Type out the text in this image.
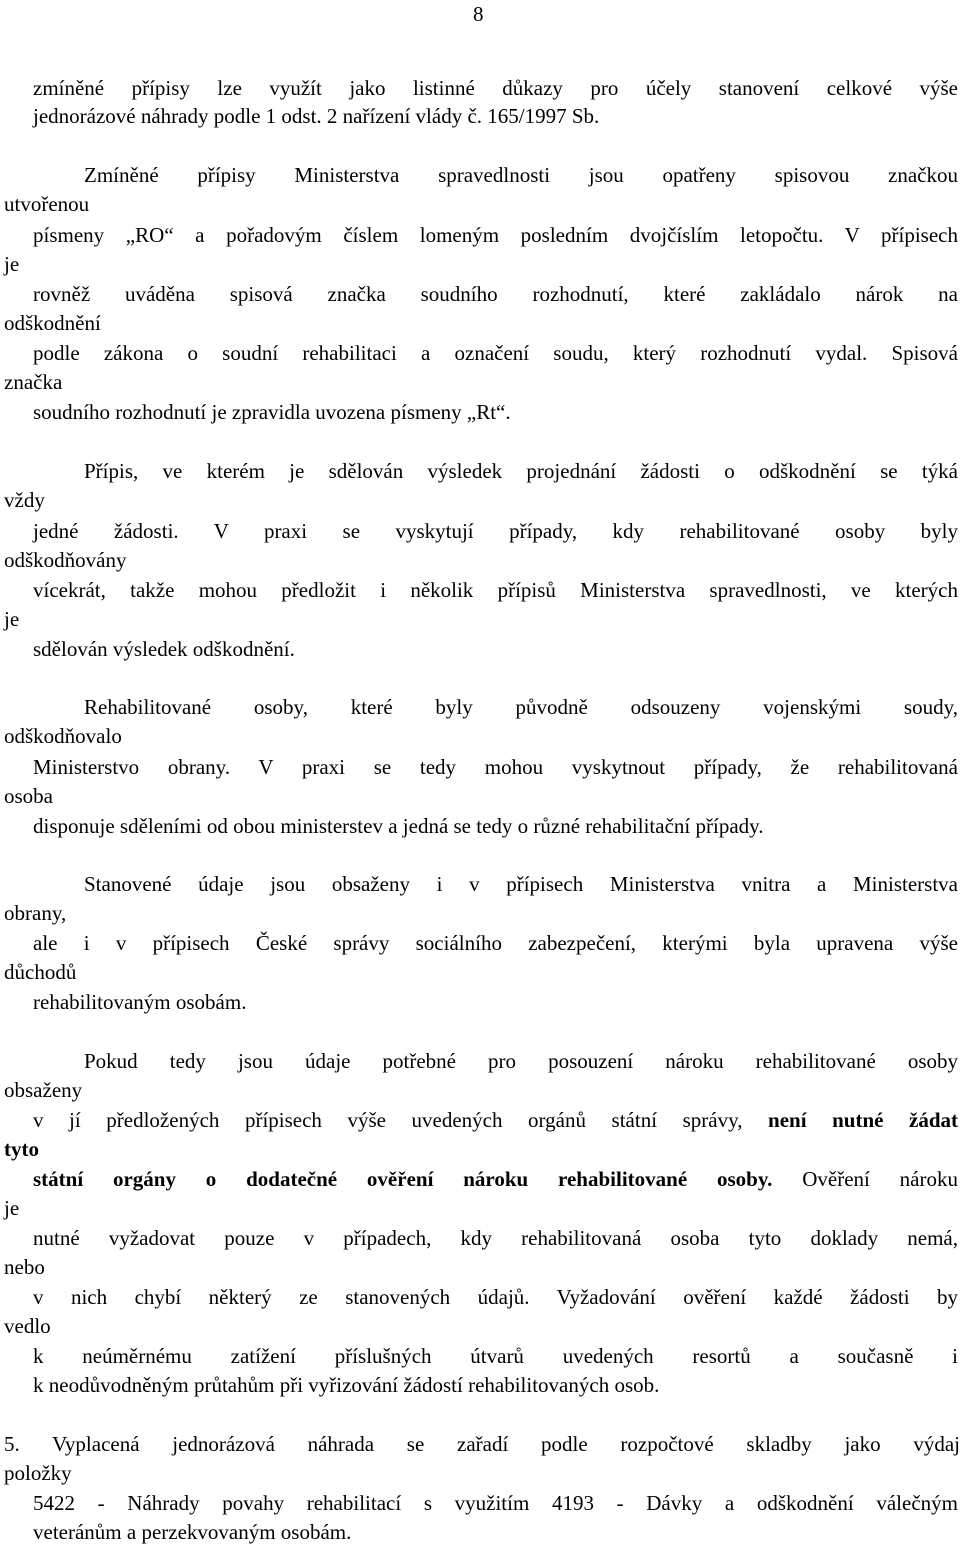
8
zmíněné přípisy lze využít jako listinné důkazy pro účely stanovení celkové výše
jednorázové náhrady podle 1 odst. 2 nařízení vlády č. 165/1997 Sb.
Zmíněné přípisy Ministerstva spravedlnosti jsou opatřeny spisovou značkou
utvořenou
písmeny „RO“ a pořadovým číslem lomeným posledním dvojčíslím letopočtu. V přípisech
je
rovněž uváděna spisová značka soudního rozhodnutí, které zakládalo nárok na
odškodnění
podle zákona o soudní rehabilitaci a označení soudu, který rozhodnutí vydal. Spisová
značka
soudního rozhodnutí je zpravidla uvozena písmeny „Rt“.
Přípis, ve kterém je sdělován výsledek projednání žádosti o odškodnění se týká
vždy
jedné žádosti. V praxi se vyskytují případy, kdy rehabilitované osoby byly
odškodňovány
vícekrát, takže mohou předložit i několik přípisů Ministerstva spravedlnosti, ve kterých
je
sdělován výsledek odškodnění.
Rehabilitované osoby, které byly původně odsouzeny vojenskými soudy,
odškodňovalo
Ministerstvo obrany. V praxi se tedy mohou vyskytnout případy, že rehabilitovaná
osoba
disponuje sděleními od obou ministerstev a jedná se tedy o různé rehabilitační případy.
Stanovené údaje jsou obsaženy i v přípisech Ministerstva vnitra a Ministerstva
obrany,
ale i v přípisech České správy sociálního zabezpečení, kterými byla upravena výše
důchodů
rehabilitovaným osobám.
Pokud tedy jsou údaje potřebné pro posouzení nároku rehabilitované osoby
obsaženy
v jí předložených přípisech výše uvedených orgánů státní správy, není nutné žádat
tyto
státní orgány o dodatečné ověření nároku rehabilitované osoby. Ověření nároku
je
nutné vyžadovat pouze v případech, kdy rehabilitovaná osoba tyto doklady nemá,
nebo
v nich chybí některý ze stanovených údajů. Vyžadování ověření každé žádosti by
vedlo
k neúměrnému zatížení příslušných útvarů uvedených resortů a současně i
k neodůvodněným průtahům při vyřizování žádostí rehabilitovaných osob.
5. Vyplacená jednorázová náhrada se zařadí podle rozpočtové skladby jako výdaj
položky
5422 - Náhrady povahy rehabilitací s využitím 4193 - Dávky a odškodnění válečným
veteránům a perzekvovaným osobám.
